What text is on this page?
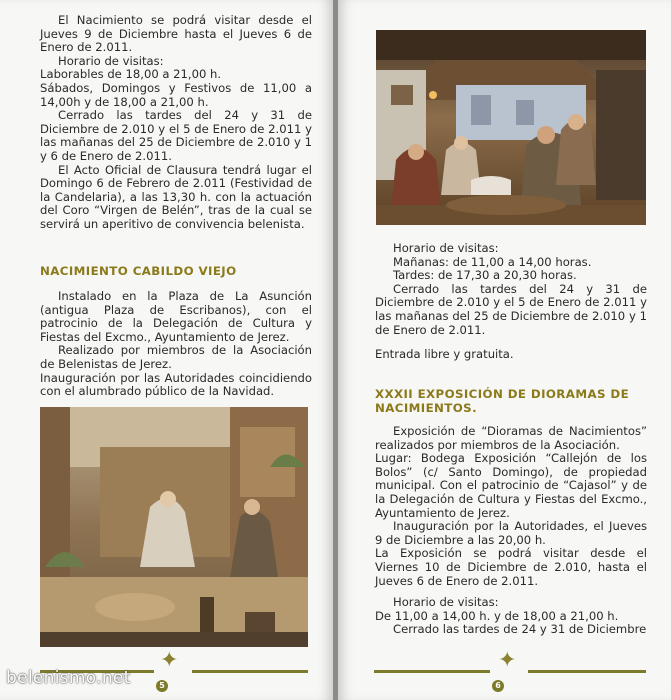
El Nacimiento se podrá visitar desde el Jueves 9 de Diciembre hasta el Jueves 6 de Enero de 2.011.

Horario de visitas:

Laborables de 18,00 a 21,00 h.

Sábados, Domingos y Festivos de 11,00 a 14,00h y de 18,00 a 21,00 h.

Cerrado las tardes del 24 y 31 de Diciembre de 2.010 y el 5 de Enero de 2.011 y las mañanas del 25 de Diciembre de 2.010 y 1 y 6 de Enero de 2.011.

El Acto Oficial de Clausura tendrá lugar el Domingo 6 de Febrero de 2.011 (Festividad de la Candelaria), a las 13,30 h. con la actuación del Coro “Virgen de Belén”, tras de la cual se servirá un aperitivo de convivencia belenista.

NACIMIENTO CABILDO VIEJO

Instalado en la Plaza de La Asunción (antigua Plaza de Escribanos), con el patrocinio de la Delegación de Cultura y Fiestas del Excmo., Ayuntamiento de Jerez.

Realizado por miembros de la Asociación de Belenistas de Jerez.

Inauguración por las Autoridades coincidiendo con el alumbrado público de la Navidad.

✦
5
belenismo.net

Horario de visitas:

Mañanas: de 11,00 a 14,00 horas.

Tardes: de 17,30 a 20,30 horas.

Cerrado las tardes del 24 y 31 de Diciembre de 2.010 y el 5 de Enero de 2.011 y las mañanas del 25 de Diciembre de 2.010 y 1 de Enero de 2.011.

Entrada libre y gratuita.
XXXII EXPOSICIÓN DE DIORAMAS DE NACIMIENTOS.

Exposición de “Dioramas de Nacimientos” realizados por miembros de la Asociación.

Lugar: Bodega Exposición “Callejón de los Bolos” (c/ Santo Domingo), de propiedad municipal. Con el patrocinio de “Cajasol” y de la Delegación de Cultura y Fiestas del Excmo., Ayuntamiento de Jerez.

Inauguración por la Autoridades, el Jueves 9 de Diciembre a las 20,00 h.

La Exposición se podrá visitar desde el Viernes 10 de Diciembre de 2.010, hasta el Jueves 6 de Enero de 2.011.

Horario de visitas:

De 11,00 a 14,00 h. y de 18,00 a 21,00 h.

Cerrado las tardes de 24 y 31 de Diciembre

✦
6
